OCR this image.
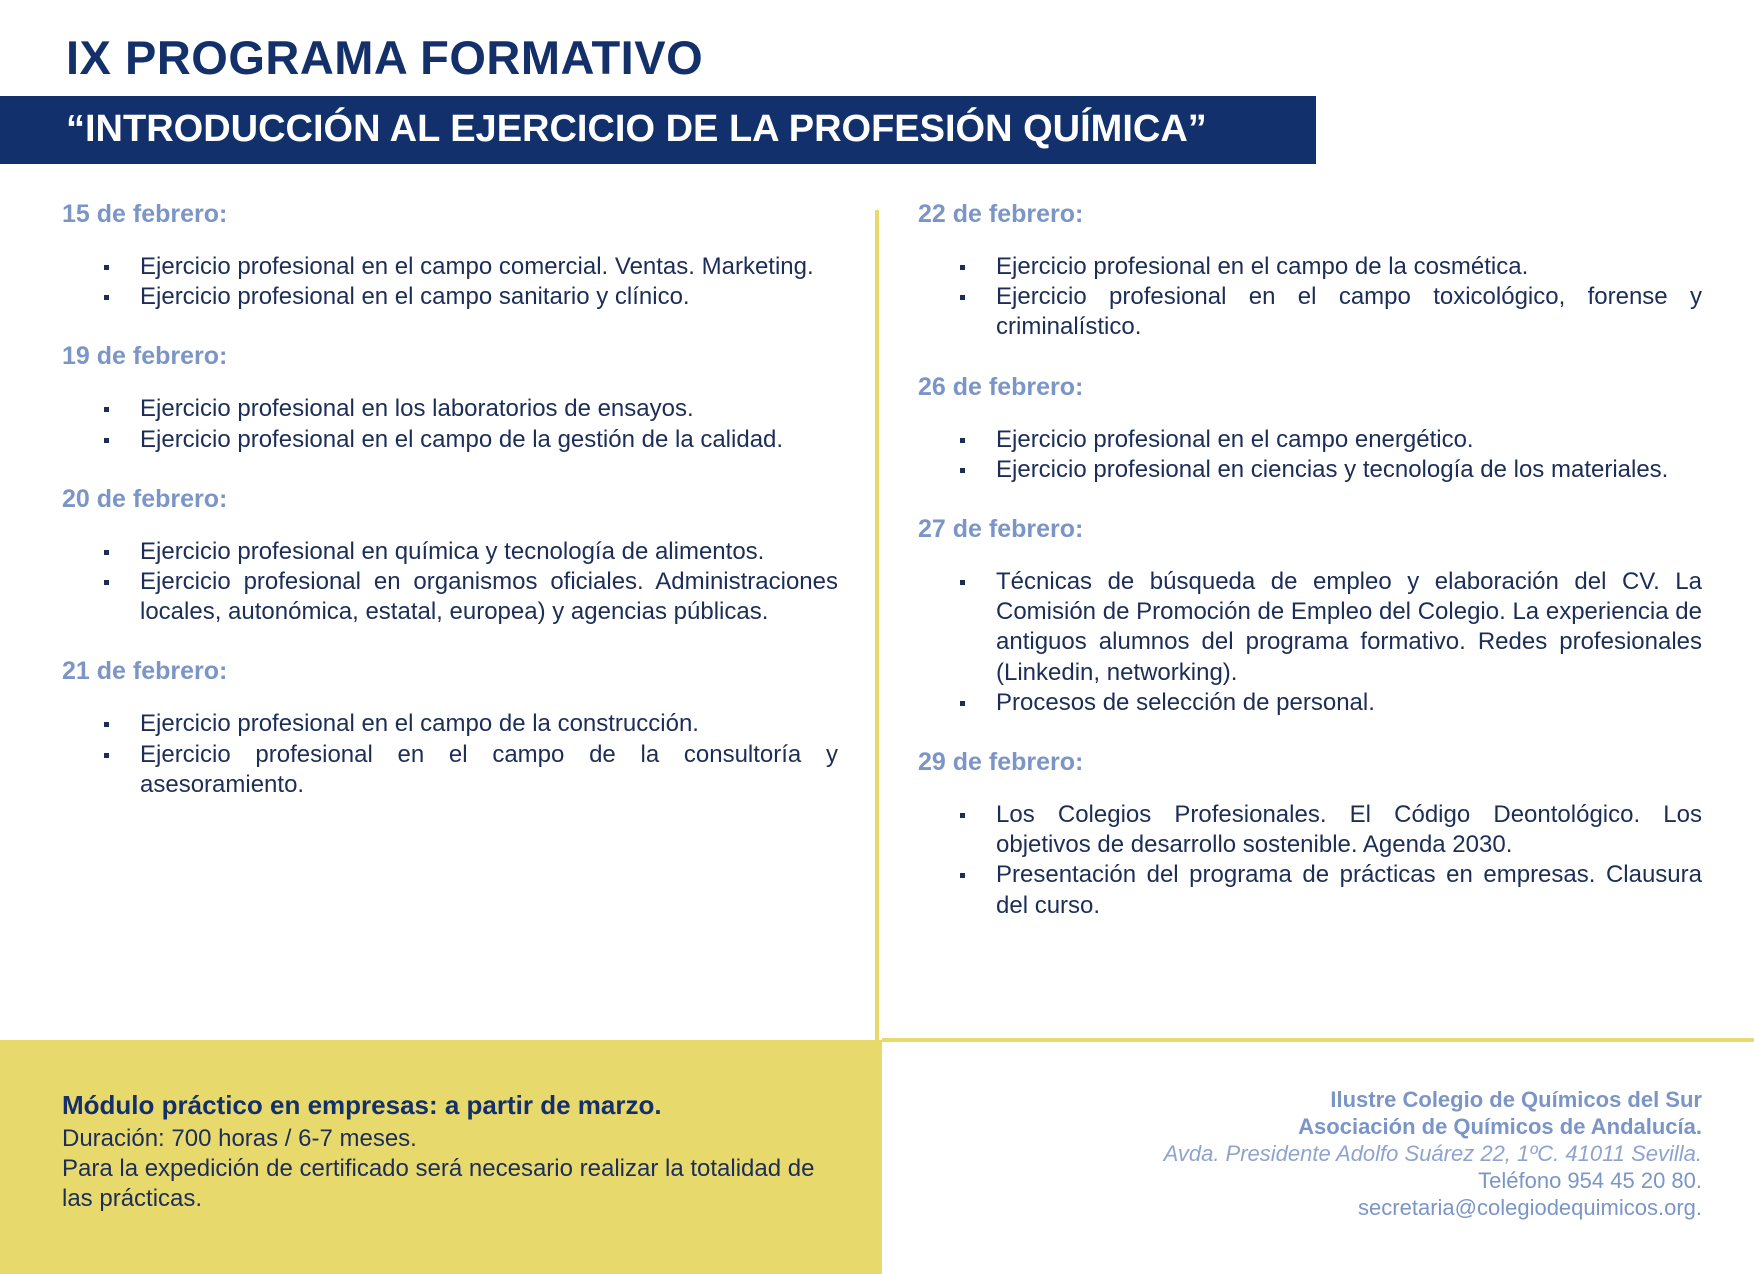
IX PROGRAMA FORMATIVO
“INTRODUCCIÓN AL EJERCICIO DE LA PROFESIÓN QUÍMICA”
15 de febrero:
Ejercicio profesional en el campo comercial. Ventas. Marketing.
Ejercicio profesional en el campo sanitario y clínico.
19 de febrero:
Ejercicio profesional en los laboratorios de ensayos.
Ejercicio profesional en el campo de la gestión de la calidad.
20 de febrero:
Ejercicio profesional en química y tecnología de alimentos.
Ejercicio profesional en organismos oficiales. Administraciones locales, autonómica, estatal, europea) y agencias públicas.
21 de febrero:
Ejercicio profesional en el campo de la construcción.
Ejercicio profesional en el campo de la consultoría y asesoramiento.
22 de febrero:
Ejercicio profesional en el campo de la cosmética.
Ejercicio profesional en el campo toxicológico, forense y criminalístico.
26 de febrero:
Ejercicio profesional en el campo energético.
Ejercicio profesional en ciencias y tecnología de los materiales.
27 de febrero:
Técnicas de búsqueda de empleo y elaboración del CV. La Comisión de Promoción de Empleo del Colegio. La experiencia de antiguos alumnos del programa formativo. Redes profesionales (Linkedin, networking).
Procesos de selección de personal.
29 de febrero:
Los Colegios Profesionales. El Código Deontológico. Los objetivos de desarrollo sostenible. Agenda 2030.
Presentación del programa de prácticas en empresas. Clausura del curso.
Módulo práctico en empresas: a partir de marzo.
Duración: 700 horas / 6-7 meses.
Para la expedición de certificado será necesario realizar la totalidad de las prácticas.
Ilustre Colegio de Químicos del Sur
Asociación de Químicos de Andalucía.
Avda. Presidente Adolfo Suárez 22, 1ºC. 41011 Sevilla.
Teléfono 954 45 20 80.
secretaria@colegiodequimicos.org.
